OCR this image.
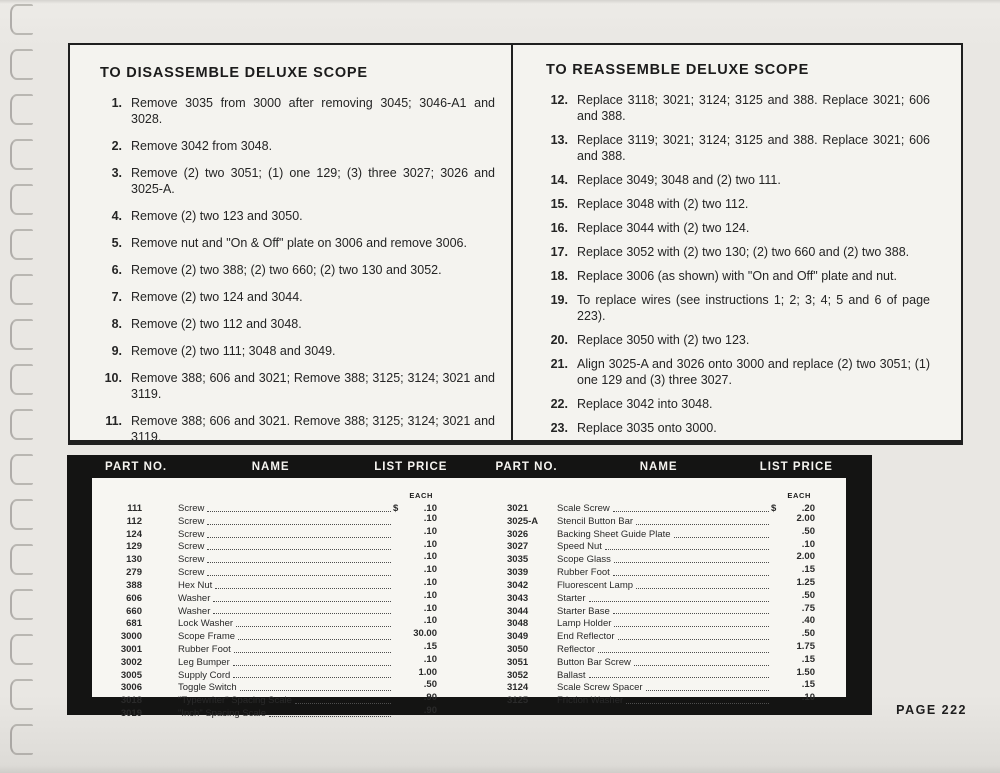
TO DISASSEMBLE DELUXE SCOPE
1. Remove 3035 from 3000 after removing 3045; 3046-A1 and 3028.
2. Remove 3042 from 3048.
3. Remove (2) two 3051; (1) one 129; (3) three 3027; 3026 and 3025-A.
4. Remove (2) two 123 and 3050.
5. Remove nut and "On & Off" plate on 3006 and remove 3006.
6. Remove (2) two 388; (2) two 660; (2) two 130 and 3052.
7. Remove (2) two 124 and 3044.
8. Remove (2) two 112 and 3048.
9. Remove (2) two 111; 3048 and 3049.
10. Remove 388; 606 and 3021; Remove 388; 3125; 3124; 3021 and 3119.
11. Remove 388; 606 and 3021. Remove 388; 3125; 3124; 3021 and 3119.
TO REASSEMBLE DELUXE SCOPE
12. Replace 3118; 3021; 3124; 3125 and 388. Replace 3021; 606 and 388.
13. Replace 3119; 3021; 3124; 3125 and 388. Replace 3021; 606 and 388.
14. Replace 3049; 3048 and (2) two 111.
15. Replace 3048 with (2) two 112.
16. Replace 3044 with (2) two 124.
17. Replace 3052 with (2) two 130; (2) two 660 and (2) two 388.
18. Replace 3006 (as shown) with "On and Off" plate and nut.
19. To replace wires (see instructions 1; 2; 3; 4; 5 and 6 of page 223).
20. Replace 3050 with (2) two 123.
21. Align 3025-A and 3026 onto 3000 and replace (2) two 3051; (1) one 129 and (3) three 3027.
22. Replace 3042 into 3048.
23. Replace 3035 onto 3000.
PART NO.	NAME	LIST PRICE	PART NO.	NAME	LIST PRICE
EACH
111	Screw	$	.10
112	Screw	.10
124	Screw	.10
129	Screw	.10
130	Screw	.10
279	Screw	.10
388	Hex Nut	.10
606	Washer	.10
660	Washer	.10
681	Lock Washer	.10
3000	Scope Frame	30.00
3001	Rubber Foot	.15
3002	Leg Bumper	.10
3005	Supply Cord	1.00
3006	Toggle Switch	.50
3018	"Typewriter" Spacing Scale	.90
3019	"Inch" Spacing Scale	.90
EACH
3021	Scale Screw	$	.20
3025-A Stencil Button Bar	2.00
3026	Backing Sheet Guide Plate	.50
3027	Speed Nut	.10
3035	Scope Glass	2.00
3039	Rubber Foot	.15
3042	Fluorescent Lamp	1.25
3043	Starter	.50
3044	Starter Base	.75
3048	Lamp Holder	.40
3049	End Reflector	.50
3050	Reflector	1.75
3051	Button Bar Screw	.15
3052	Ballast	1.50
3124	Scale Screw Spacer	.15
3125	Friction Washer	.10
PAGE 222
